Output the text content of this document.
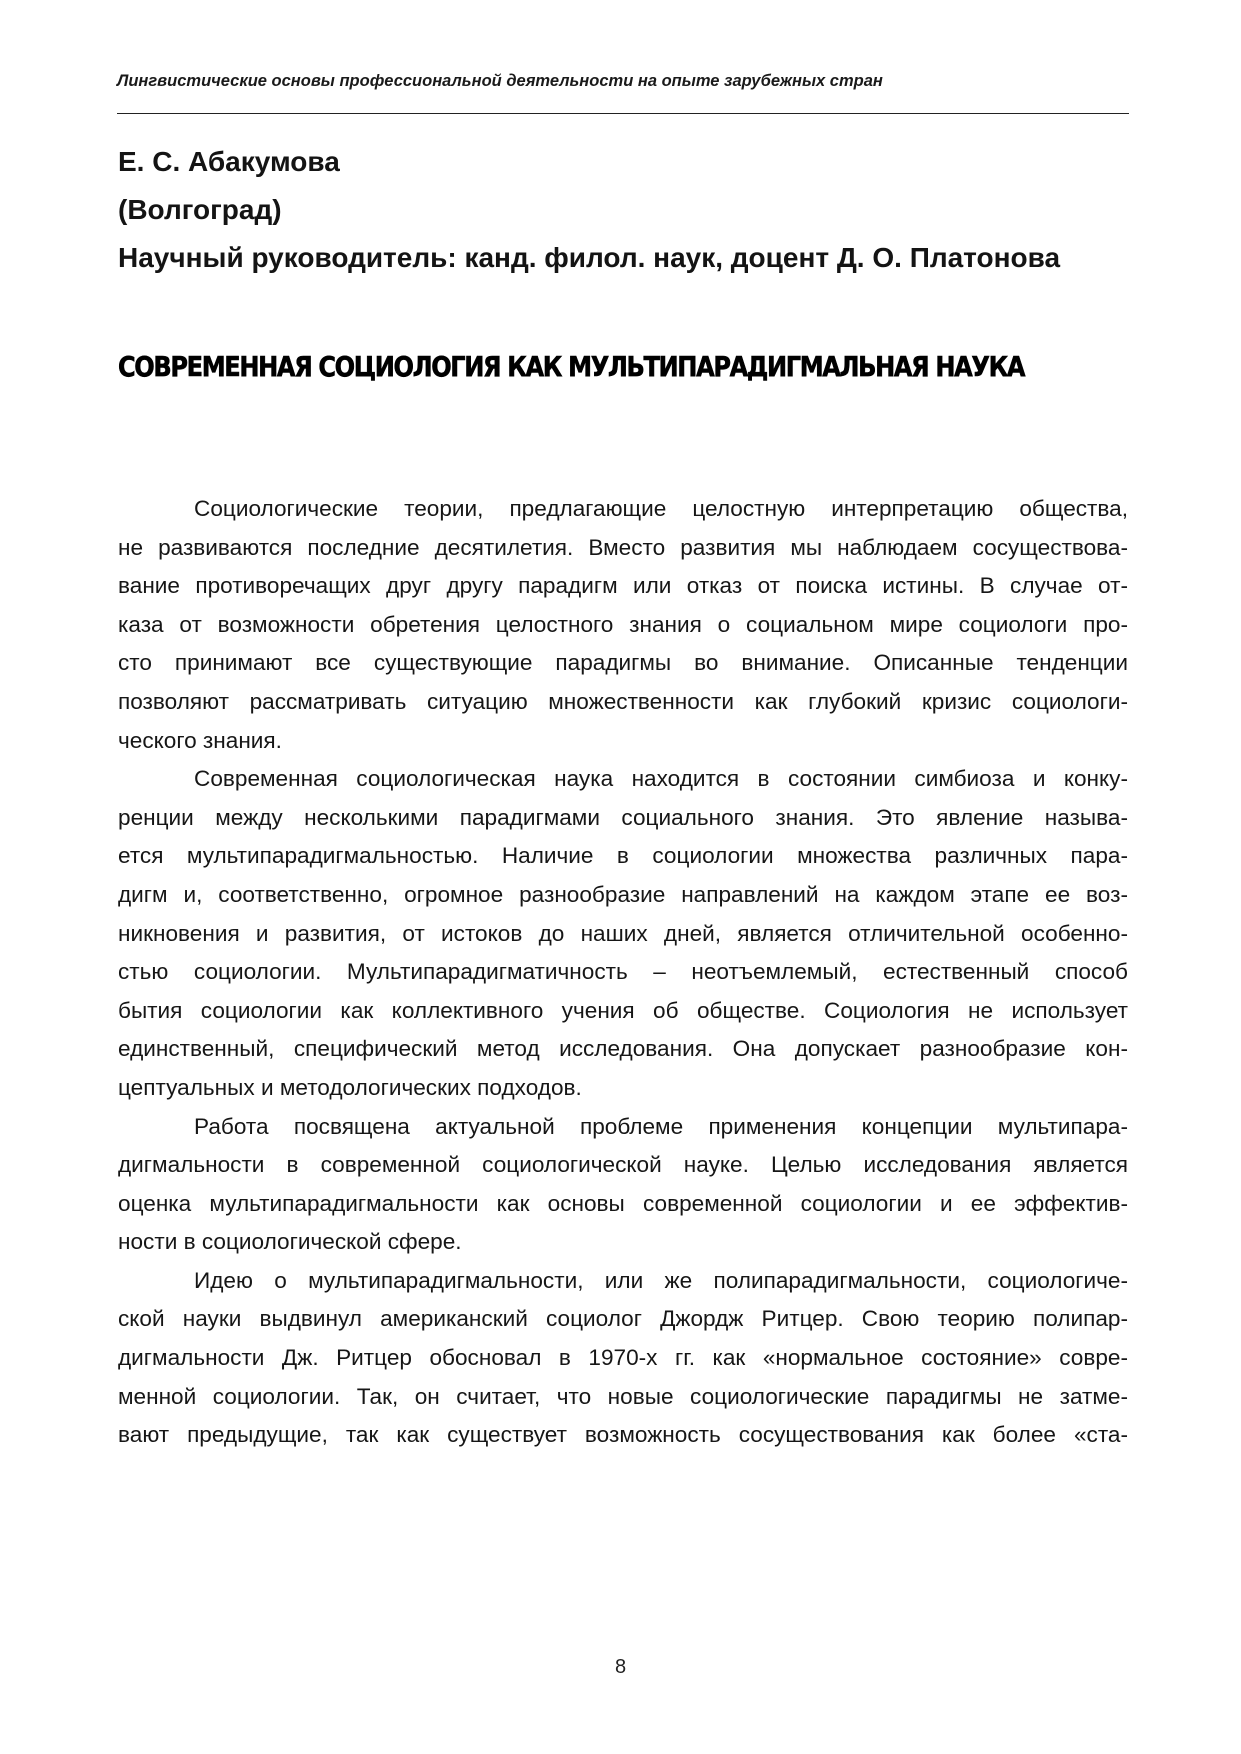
Лингвистические основы профессиональной деятельности на опыте зарубежных стран
Е. С. Абакумова
(Волгоград)
Научный руководитель: канд. филол. наук, доцент Д. О. Платонова
СОВРЕМЕННАЯ СОЦИОЛОГИЯ КАК МУЛЬТИПАРАДИГМАЛЬНАЯ НАУКА
Социологические теории, предлагающие целостную интерпретацию общества,
не развиваются последние десятилетия. Вместо развития мы наблюдаем сосуществова-
вание противоречащих друг другу парадигм или отказ от поиска истины. В случае от-
каза от возможности обретения целостного знания о социальном мире социологи про-
сто принимают все существующие парадигмы во внимание. Описанные тенденции
позволяют рассматривать ситуацию множественности как глубокий кризис социологи-
ческого знания.
Современная социологическая наука находится в состоянии симбиоза и конку-
ренции между несколькими парадигмами социального знания. Это явление называ-
ется мультипарадигмальностью. Наличие в социологии множества различных пара-
дигм и, соответственно, огромное разнообразие направлений на каждом этапе ее воз-
никновения и развития, от истоков до наших дней, является отличительной особенно-
стью социологии. Мультипарадигматичность – неотъемлемый, естественный способ
бытия социологии как коллективного учения об обществе. Социология не использует
единственный, специфический метод исследования. Она допускает разнообразие кон-
цептуальных и методологических подходов.
Работа посвящена актуальной проблеме применения концепции мультипара-
дигмальности в современной социологической науке. Целью исследования является
оценка мультипарадигмальности как основы современной социологии и ее эффектив-
ности в социологической сфере.
Идею о мультипарадигмальности, или же полипарадигмальности, социологиче-
ской науки выдвинул американский социолог Джордж Ритцер. Свою теорию полипар-
дигмальности Дж. Ритцер обосновал в 1970-х гг. как «нормальное состояние» совре-
менной социологии. Так, он считает, что новые социологические парадигмы не затме-
вают предыдущие, так как существует возможность сосуществования как более «ста-
8
